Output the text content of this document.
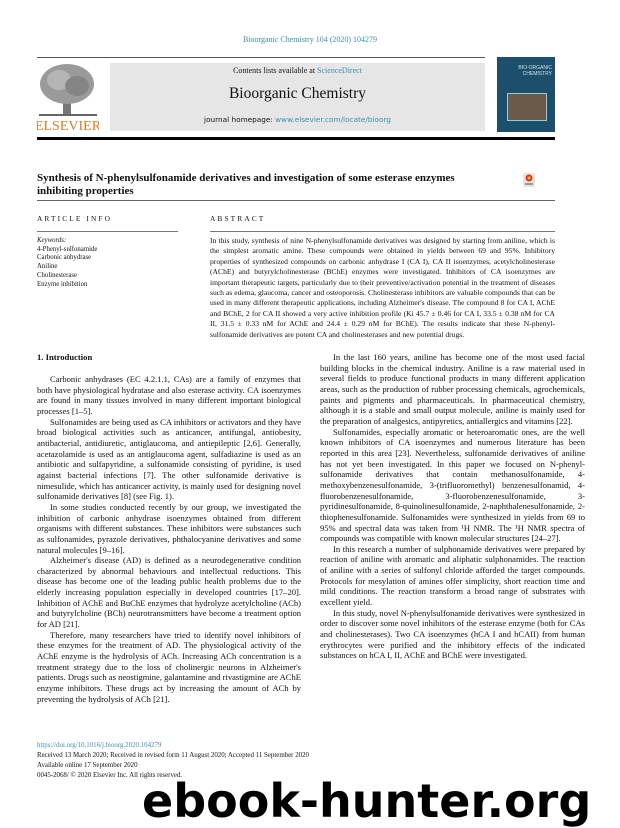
Bioorganic Chemistry 104 (2020) 104279
ELSEVIER
Contents lists available at ScienceDirect
Bioorganic Chemistry
journal homepage: www.elsevier.com/locate/bioorg
BIO-ORGANIC CHEMISTRY
Synthesis of N-phenylsulfonamide derivatives and investigation of some esterase enzymes inhibiting properties
ARTICLE INFO	ABSTRACT
Keywords:
4-Phenyl-sulfonamide
Carbonic anhydrase
Aniline
Cholinesterase
Enzyme inhibition
In this study, synthesis of nine N-phenylsulfonamide derivatives was designed by starting from aniline, which is the simplest aromatic amine. These compounds were obtained in yields between 69 and 95%. Inhibitory properties of synthesized compounds on carbonic anhydrase I (CA I), CA II isoenzymes, acetylcholinesterase (AChE) and butyrylcholinesterase (BChE) enzymes were investigated. Inhibitors of CA isoenzymes are important therapeutic targets, particularly due to their preventive/activation potential in the treatment of diseases such as edema, glaucoma, cancer and osteoporosis. Cholinesterase inhibitors are valuable compounds that can be used in many different therapeutic applications, including Alzheimer's disease. The compound 8 for CA I, AChE and BChE, 2 for CA II showed a very active inhibition profile (Ki 45.7 ± 0.46 for CA I, 33.5 ± 0.38 nM for CA II, 31.5 ± 0.33 nM for AChE and 24.4 ± 0.29 nM for BChE). The results indicate that these N-phenyl-sulfonamide derivatives are potent CA and cholinesterases and new potential drugs.
1. Introduction

Carbonic anhydrases (EC 4.2.1.1, CAs) are a family of enzymes that both have physiological hydratase and also esterase activity. CA isoenzymes are found in many tissues involved in many different important biological processes [1–5].

Sulfonamides are being used as CA inhibitors or activators and they have broad biological activities such as anticancer, antifungal, antiobesity, antibacterial, antidiuretic, antiglaucoma, and antiepileptic [2,6]. Generally, acetazolamide is used as an antiglaucoma agent, sulfadiazine is used as an antibiotic and sulfapyridine, a sulfonamide consisting of pyridine, is used against bacterial infections [7]. The other sulfonamide derivative is nimesulide, which has anticancer activity, is mainly used for designing novel sulfonamide derivatives [8] (see Fig. 1).

In some studies conducted recently by our group, we investigated the inhibition of carbonic anhydrase isoenzymes obtained from different organisms with different substances. These inhibitors were substances such as sulfonamides, pyrazole derivatives, phthalocyanine derivatives and some natural molecules [9–16].

Alzheimer's disease (AD) is defined as a neurodegenerative condition characterized by abnormal behaviours and intellectual reductions. This disease has become one of the leading public health problems due to the elderly increasing population especially in developed countries [17–20]. Inhibition of AChE and BuChE enzymes that hydrolyze acetylcholine (ACh) and butyrylcholine (BCh) neurotransmitters have become a treatment option for AD [21].

Therefore, many researchers have tried to identify novel inhibitors of these enzymes for the treatment of AD. The physiological activity of the AChE enzyme is the hydrolysis of ACh. Increasing ACh concentration is a treatment strategy due to the loss of cholinergic neurons in Alzheimer's patients. Drugs such as neostigmine, galantamine and rivastigmine are AChE enzyme inhibitors. These drugs act by increasing the amount of ACh by preventing the hydrolysis of ACh [21].

In the last 160 years, aniline has become one of the most used facial building blocks in the chemical industry. Aniline is a raw material used in several fields to produce functional products in many different application areas, such as the production of rubber processing chemicals, agrochemicals, paints and pigments and pharmaceuticals. In pharmaceutical chemistry, although it is a stable and small output molecule, aniline is mainly used for the preparation of analgesics, antipyretics, antiallergics and vitamins [22].

Sulfonamides, especially aromatic or heteroaromatic ones, are the well known inhibitors of CA isoenzymes and numerous literature has been reported in this area [23]. Nevertheless, sulfonamide derivatives of aniline has not yet been investigated. In this paper we focused on N-phenyl-sulfonamide derivatives that contain methanosulfonamide, 4-methoxybenzenesulfonamide, 3-(trifluoromethyl) benzenesulfonamid, 4-fluorobenzenesulfonamide, 3-fluorobenzenesulfonamide, 3-pyridinesulfonamide, 8-quinolinesulfonamide, 2-naphthalenesulfonamide, 2-thiophenesulfonamide. Sulfonamides were synthesized in yields from 69 to 95% and spectral data was taken from ¹H NMR. The ¹H NMR spectra of compounds was compatible with known molecular structures [24–27].

In this research a number of sulphonamide derivatives were prepared by reaction of aniline with aromatic and aliphatic sulphonamides. The reaction of aniline with a series of sulfonyl chloride afforded the target compounds. Protocols for mesylation of amines offer simplicity, short reaction time and mild conditions. The reaction transform a broad range of substrates with excellent yield.

In this study, novel N-phenylsulfonamide derivatives were synthesized in order to discover some novel inhibitors of the esterase enzyme (both for CAs and cholinesterases). Two CA isoenzymes (hCA I and hCAII) from human erythrocytes were purified and the inhibitory effects of the indicated substances on hCA I, II, AChE and BChE were investigated.

https://doi.org/10.1016/j.bioorg.2020.104279
Received 13 March 2020; Received in revised form 11 August 2020; Accepted 11 September 2020
Available online 17 September 2020
0045-2068/ © 2020 Elsevier Inc. All rights reserved.
ebook-hunter.org
